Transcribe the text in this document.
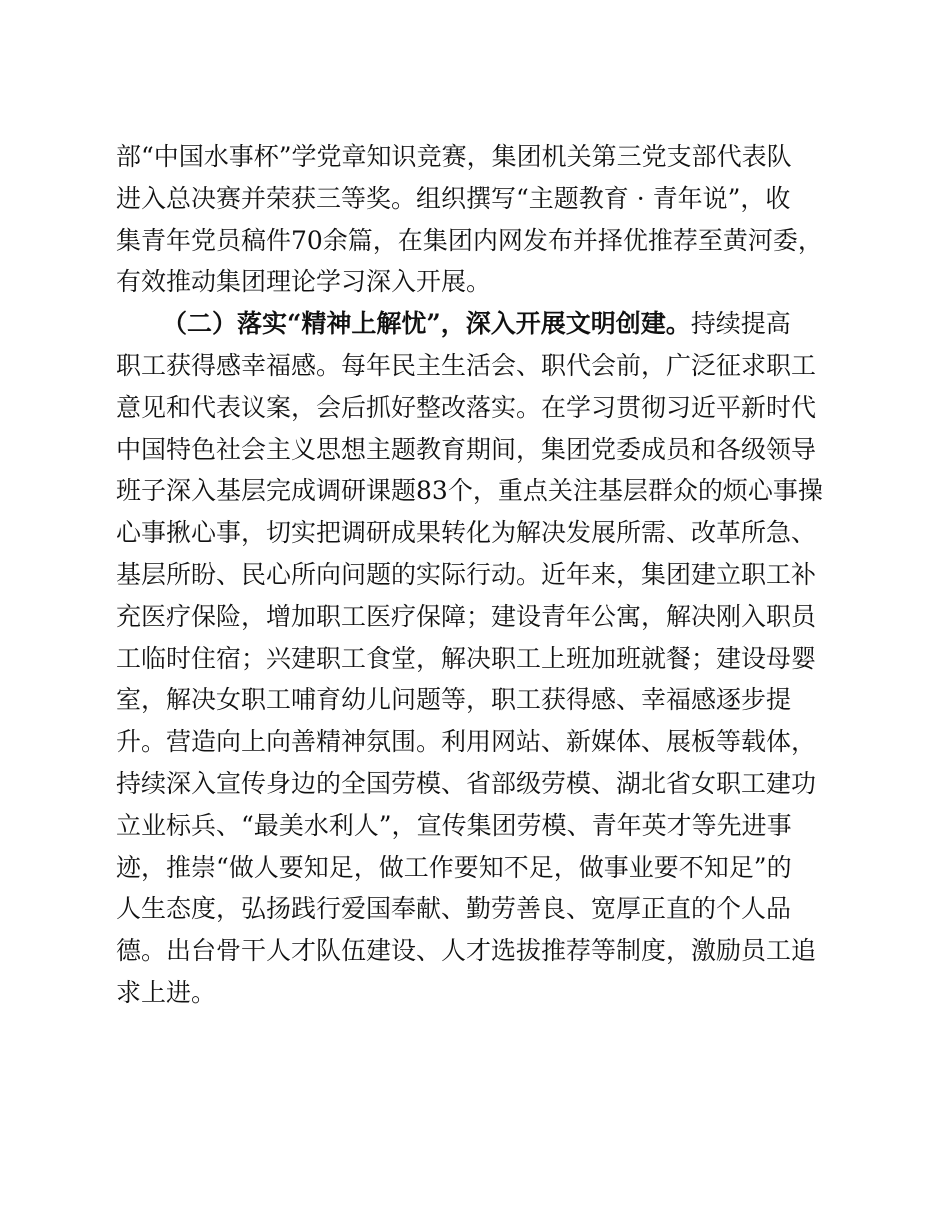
部“中国水事杯”学党章知识竞赛，集团机关第三党支部代表队
进入总决赛并荣获三等奖。组织撰写“主题教育 · 青年说”，收
集青年党员稿件70余篇，在集团内网发布并择优推荐至黄河委，
有效推动集团理论学习深入开展。
（二）落实“精神上解忧”，深入开展文明创建。持续提高
职工获得感幸福感。每年民主生活会、职代会前，广泛征求职工
意见和代表议案，会后抓好整改落实。在学习贯彻习近平新时代
中国特色社会主义思想主题教育期间，集团党委成员和各级领导
班子深入基层完成调研课题83个，重点关注基层群众的烦心事操
心事揪心事，切实把调研成果转化为解决发展所需、改革所急、
基层所盼、民心所向问题的实际行动。近年来，集团建立职工补
充医疗保险，增加职工医疗保障；建设青年公寓，解决刚入职员
工临时住宿；兴建职工食堂，解决职工上班加班就餐；建设母婴
室，解决女职工哺育幼儿问题等，职工获得感、幸福感逐步提
升。营造向上向善精神氛围。利用网站、新媒体、展板等载体，
持续深入宣传身边的全国劳模、省部级劳模、湖北省女职工建功
立业标兵、“最美水利人”，宣传集团劳模、青年英才等先进事
迹，推崇“做人要知足，做工作要知不足，做事业要不知足”的
人生态度，弘扬践行爱国奉献、勤劳善良、宽厚正直的个人品
德。出台骨干人才队伍建设、人才选拔推荐等制度，激励员工追
求上进。
